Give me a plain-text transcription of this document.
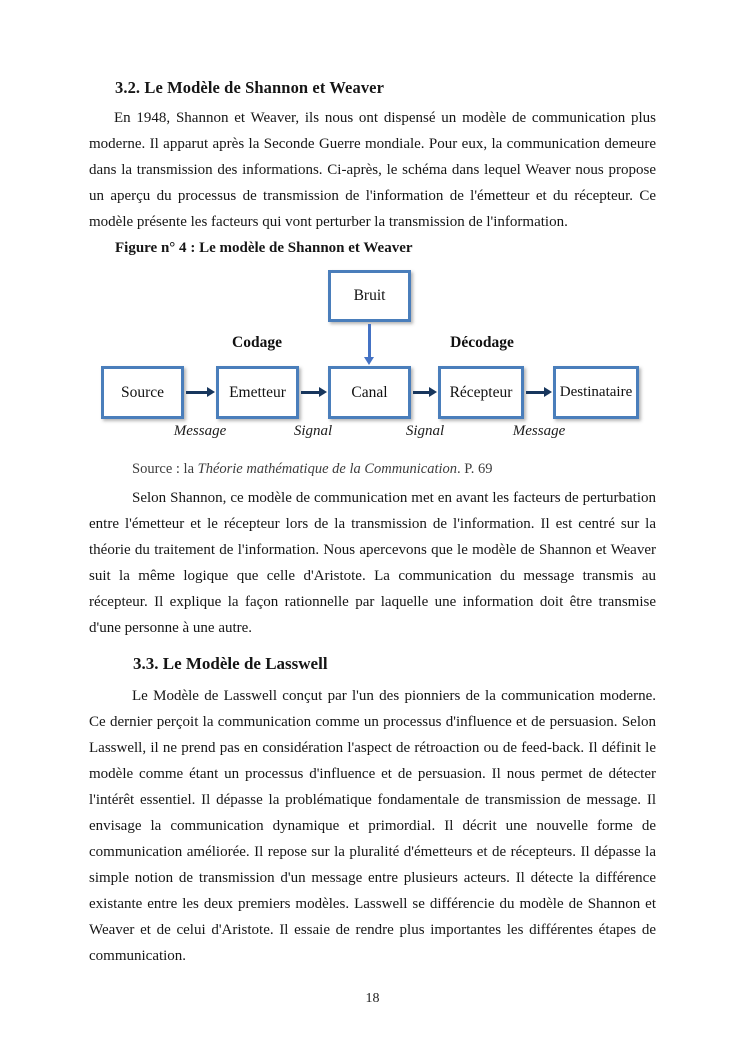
3.2. Le Modèle de Shannon et Weaver

En 1948, Shannon et Weaver, ils nous ont dispensé un modèle de communication plus moderne. Il apparut après la Seconde Guerre mondiale. Pour eux, la communication demeure dans la transmission des informations. Ci-après, le schéma dans lequel Weaver nous propose un aperçu du processus de transmission de l'information de l'émetteur et du récepteur. Ce modèle présente les facteurs qui vont perturber la transmission de l'information.

Figure n° 4 : Le modèle de Shannon et Weaver

Bruit
Codage	Décodage
Source	Emetteur	Canal	Récepteur	Destinataire
Message	Signal	Signal	Message

Source : la Théorie mathématique de la Communication. P. 69

Selon Shannon, ce modèle de communication met en avant les facteurs de perturbation entre l'émetteur et le récepteur lors de la transmission de l'information. Il est centré sur la théorie du traitement de l'information. Nous apercevons que le modèle de Shannon et Weaver suit la même logique que celle d'Aristote. La communication du message transmis au récepteur. Il explique la façon rationnelle par laquelle une information doit être transmise d'une personne à une autre.

3.3. Le Modèle de Lasswell

Le Modèle de Lasswell conçut par l'un des pionniers de la communication moderne. Ce dernier perçoit la communication comme un processus d'influence et de persuasion. Selon Lasswell, il ne prend pas en considération l'aspect de rétroaction ou de feed-back. Il définit le modèle comme étant un processus d'influence et de persuasion. Il nous permet de détecter l'intérêt essentiel. Il dépasse la problématique fondamentale de transmission de message. Il envisage la communication dynamique et primordial. Il décrit une nouvelle forme de communication améliorée. Il repose sur la pluralité d'émetteurs et de récepteurs. Il dépasse la simple notion de transmission d'un message entre plusieurs acteurs. Il détecte la différence existante entre les deux premiers modèles. Lasswell se différencie du modèle de Shannon et Weaver et de celui d'Aristote. Il essaie de rendre plus importantes les différentes étapes de communication.

18
